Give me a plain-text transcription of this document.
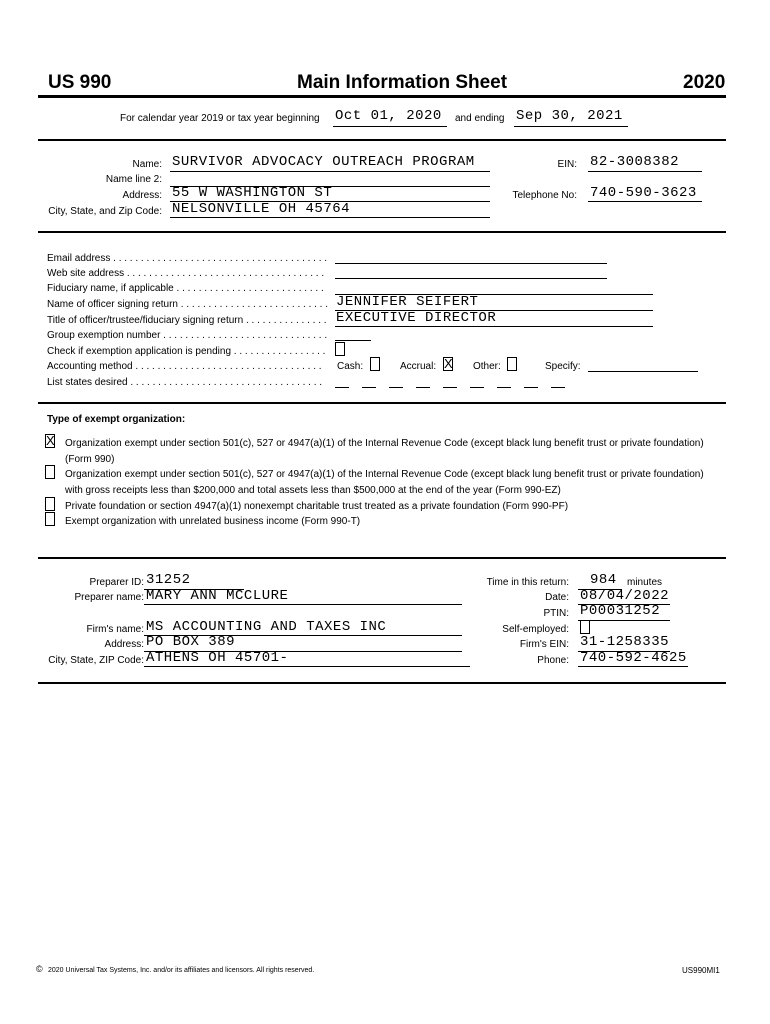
US 990	Main Information Sheet	2020
For calendar year 2019 or tax year beginning Oct 01, 2020 and ending Sep 30, 2021
Name: SURVIVOR ADVOCACY OUTREACH PROGRAM
Name line 2:
Address: 55 W WASHINGTON ST
City, State, and Zip Code: NELSONVILLE OH 45764
EIN: 82-3008382
Telephone No: 740-590-3623
Email address . . . . . . . . . . . . . . . . . . . . . . . . . . . . . . . . . . . . . . .
Web site address . . . . . . . . . . . . . . . . . . . . . . . . . . . . . . . . . . . .
Fiduciary name, if applicable . . . . . . . . . . . . . . . . . . . . . . . . . . .
Name of officer signing return . . . . . . . . . . . . . . . . . . . . . . . . . . . JENNIFER SEIFERT
Title of officer/trustee/fiduciary signing return . . . . . . . . . . . . . . . EXECUTIVE DIRECTOR
Group exemption number . . . . . . . . . . . . . . . . . . . . . . . . . . . . . .
Check if exemption application is pending . . . . . . . . . . . . . . . . .
Accounting method . . . . . . . . . . . . . . . . . . . . . . . . . . . . . . . . . . Cash:	Accrual: X Other:	Specify:
List states desired . . . . . . . . . . . . . . . . . . . . . . . . . . . . . . . . . . .
Type of exempt organization:
X Organization exempt under section 501(c), 527 or 4947(a)(1) of the Internal Revenue Code (except black lung benefit trust or private foundation)
(Form 990)
Organization exempt under section 501(c), 527 or 4947(a)(1) of the Internal Revenue Code (except black lung benefit trust or private foundation)
with gross receipts less than $200,000 and total assets less than $500,000 at the end of the year (Form 990-EZ)
Private foundation or section 4947(a)(1) nonexempt charitable trust treated as a private foundation (Form 990-PF)
Exempt organization with unrelated business income (Form 990-T)
Preparer ID: 31252
Preparer name: MARY ANN MCCLURE
Firm's name: MS ACCOUNTING AND TAXES INC
Address: PO BOX 389
City, State, ZIP Code: ATHENS OH 45701-
Time in this return: 984 minutes
Date: 08/04/2022
PTIN: P00031252
Self-employed:
Firm's EIN: 31-1258335
Phone: 740-592-4625
© 2020 Universal Tax Systems, Inc. and/or its affiliates and licensors. All rights reserved.	US990MI1
